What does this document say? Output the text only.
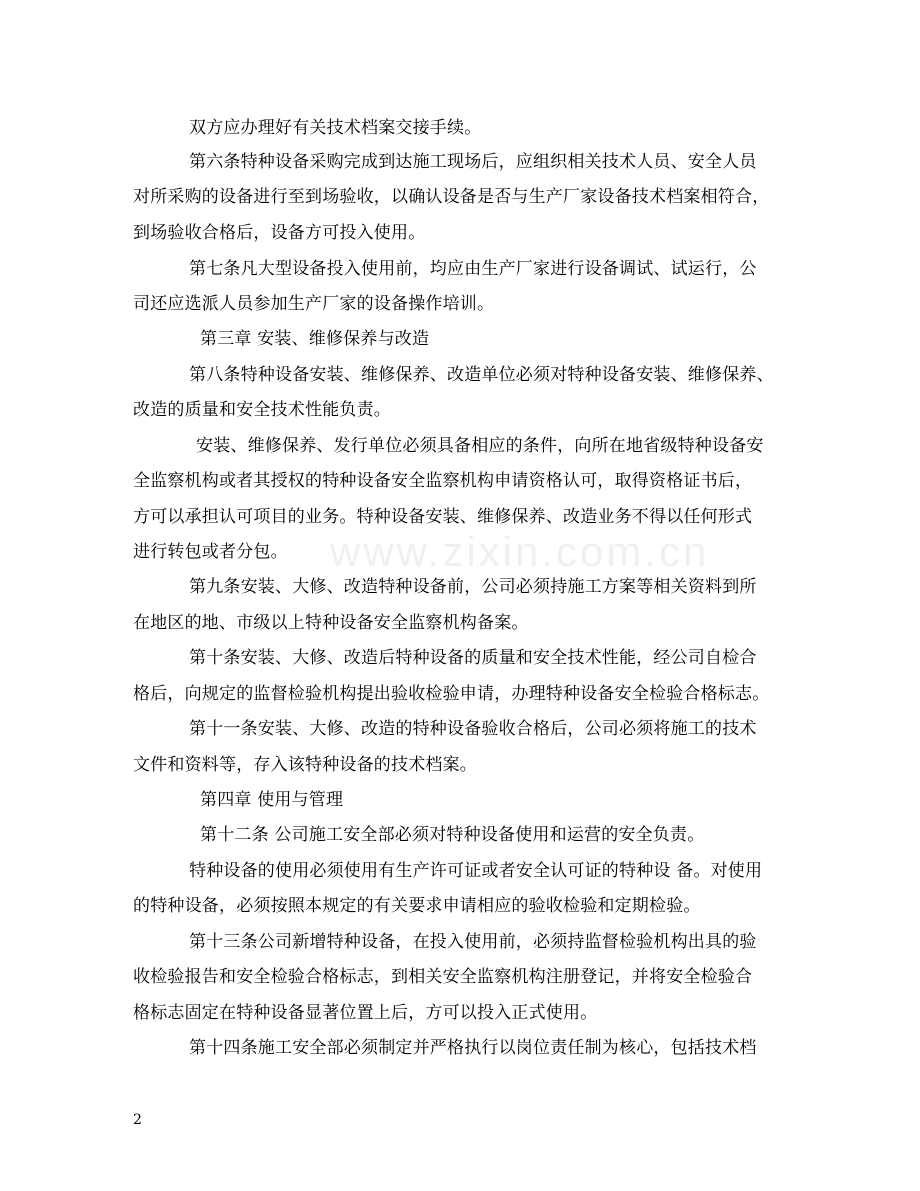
www.zixin.com.cn
双方应办理好有关技术档案交接手续。
第六条特种设备采购完成到达施工现场后，应组织相关技术人员、安全人员
对所采购的设备进行至到场验收，以确认设备是否与生产厂家设备技术档案相符合，
到场验收合格后，设备方可投入使用。
第七条凡大型设备投入使用前，均应由生产厂家进行设备调试、试运行，公
司还应选派人员参加生产厂家的设备操作培训。
第三章 安装、维修保养与改造
第八条特种设备安装、维修保养、改造单位必须对特种设备安装、维修保养、
改造的质量和安全技术性能负责。
安装、维修保养、发行单位必须具备相应的条件，向所在地省级特种设备安
全监察机构或者其授权的特种设备安全监察机构申请资格认可，取得资格证书后，
方可以承担认可项目的业务。特种设备安装、维修保养、改造业务不得以任何形式
进行转包或者分包。
第九条安装、大修、改造特种设备前，公司必须持施工方案等相关资料到所
在地区的地、市级以上特种设备安全监察机构备案。
第十条安装、大修、改造后特种设备的质量和安全技术性能，经公司自检合
格后，向规定的监督检验机构提出验收检验申请，办理特种设备安全检验合格标志。
第十一条安装、大修、改造的特种设备验收合格后，公司必须将施工的技术
文件和资料等，存入该特种设备的技术档案。
第四章 使用与管理
第十二条 公司施工安全部必须对特种设备使用和运营的安全负责。
特种设备的使用必须使用有生产许可证或者安全认可证的特种设 备。对使用
的特种设备，必须按照本规定的有关要求申请相应的验收检验和定期检验。
第十三条公司新增特种设备，在投入使用前，必须持监督检验机构出具的验
收检验报告和安全检验合格标志，到相关安全监察机构注册登记，并将安全检验合
格标志固定在特种设备显著位置上后，方可以投入正式使用。
第十四条施工安全部必须制定并严格执行以岗位责任制为核心，包括技术档
2
